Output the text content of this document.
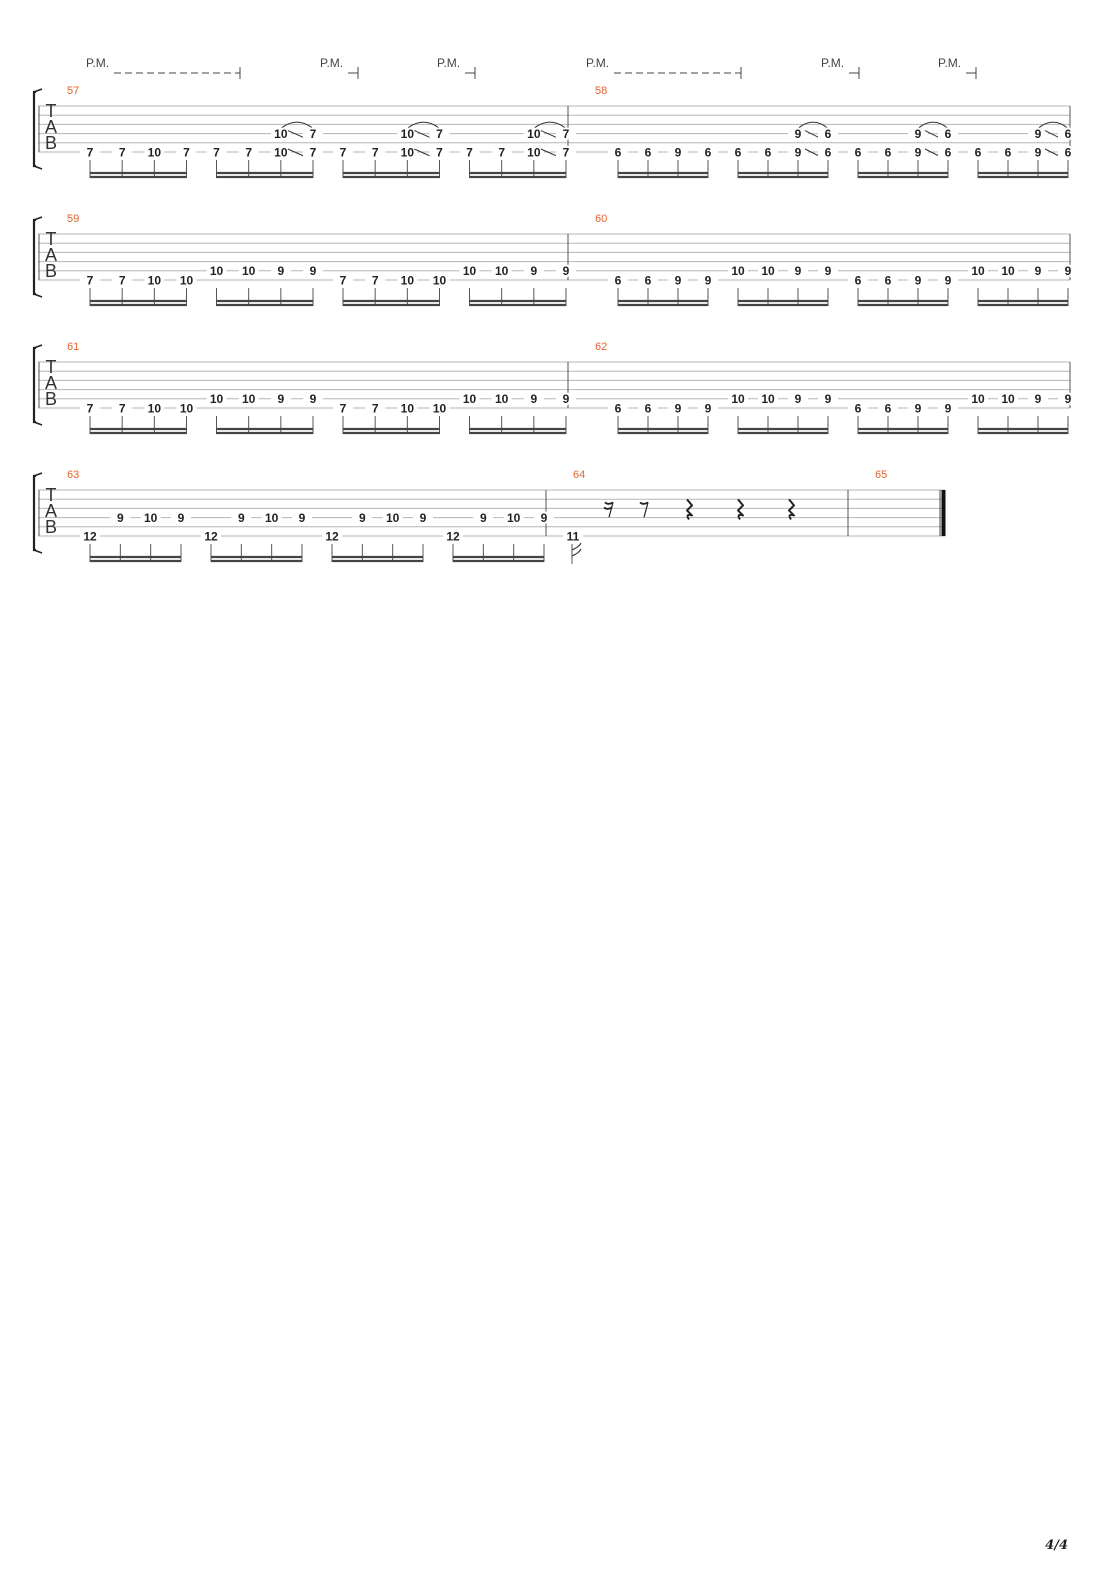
T
A
B
P.M.	P.M.	P.M.	P.M.	P.M.	P.M.
57
7 7 10 7 7 7
10
10
7
7 7 7
10
10
7
7 7 7
10
10
7
7
58
6 6 9 6 6 6
9
9
6
6 6 6
9
9
6
6 6 6
9
9
6
6
T
A
B
59
7 7 10 10
10 10 9 9
7 7 10 10
10 10 9 9
60
6 6 9 9
10 10 9 9
6 6 9 9
10 10 9 9
T
A
B
61
7 7 10 10
10 10 9 9
7 7 10 10
10 10 9 9
62
6 6 9 9
10 10 9 9
6 6 9 9
10 10 9 9
T
A
B
63
12
9 10 9
12
9 10 9
12
9 10 9
12
9 10 9
64
11
65
4/4
